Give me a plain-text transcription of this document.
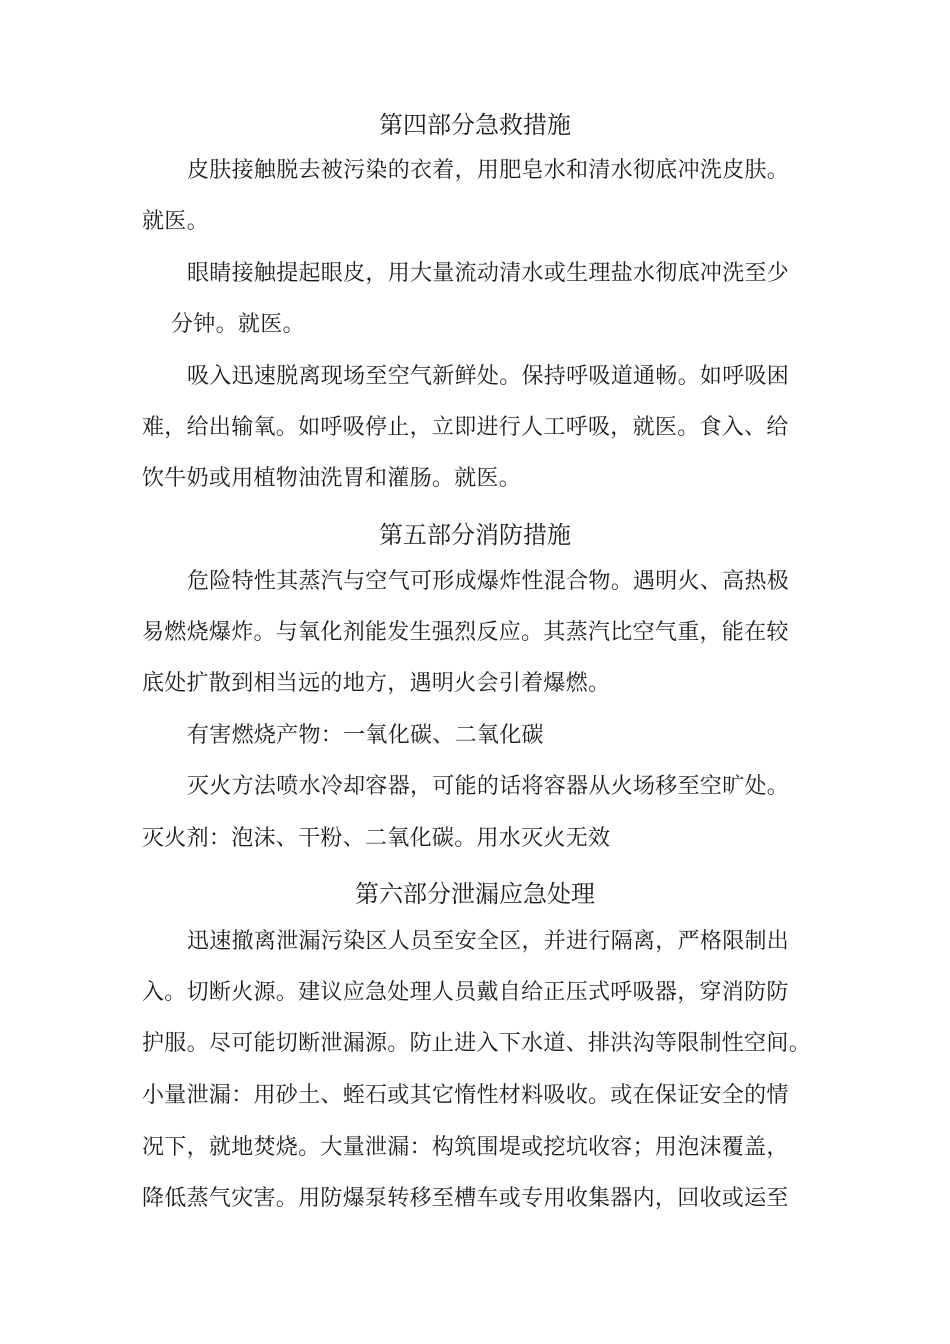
第四部分急救措施
皮肤接触脱去被污染的衣着，用肥皂水和清水彻底冲洗皮肤。
就医。
眼睛接触提起眼皮，用大量流动清水或生理盐水彻底冲洗至少
分钟。就医。
吸入迅速脱离现场至空气新鲜处。保持呼吸道通畅。如呼吸困
难，给出输氧。如呼吸停止，立即进行人工呼吸，就医。食入、给
饮牛奶或用植物油洗胃和灌肠。就医。
第五部分消防措施
危险特性其蒸汽与空气可形成爆炸性混合物。遇明火、高热极
易燃烧爆炸。与氧化剂能发生强烈反应。其蒸汽比空气重，能在较
底处扩散到相当远的地方，遇明火会引着爆燃。
有害燃烧产物：一氧化碳、二氧化碳
灭火方法喷水冷却容器，可能的话将容器从火场移至空旷处。
灭火剂：泡沫、干粉、二氧化碳。用水灭火无效
第六部分泄漏应急处理
迅速撤离泄漏污染区人员至安全区，并进行隔离，严格限制出
入。切断火源。建议应急处理人员戴自给正压式呼吸器，穿消防防
护服。尽可能切断泄漏源。防止进入下水道、排洪沟等限制性空间。
小量泄漏：用砂土、蛭石或其它惰性材料吸收。或在保证安全的情
况下，就地焚烧。大量泄漏：构筑围堤或挖坑收容；用泡沫覆盖，
降低蒸气灾害。用防爆泵转移至槽车或专用收集器内，回收或运至
